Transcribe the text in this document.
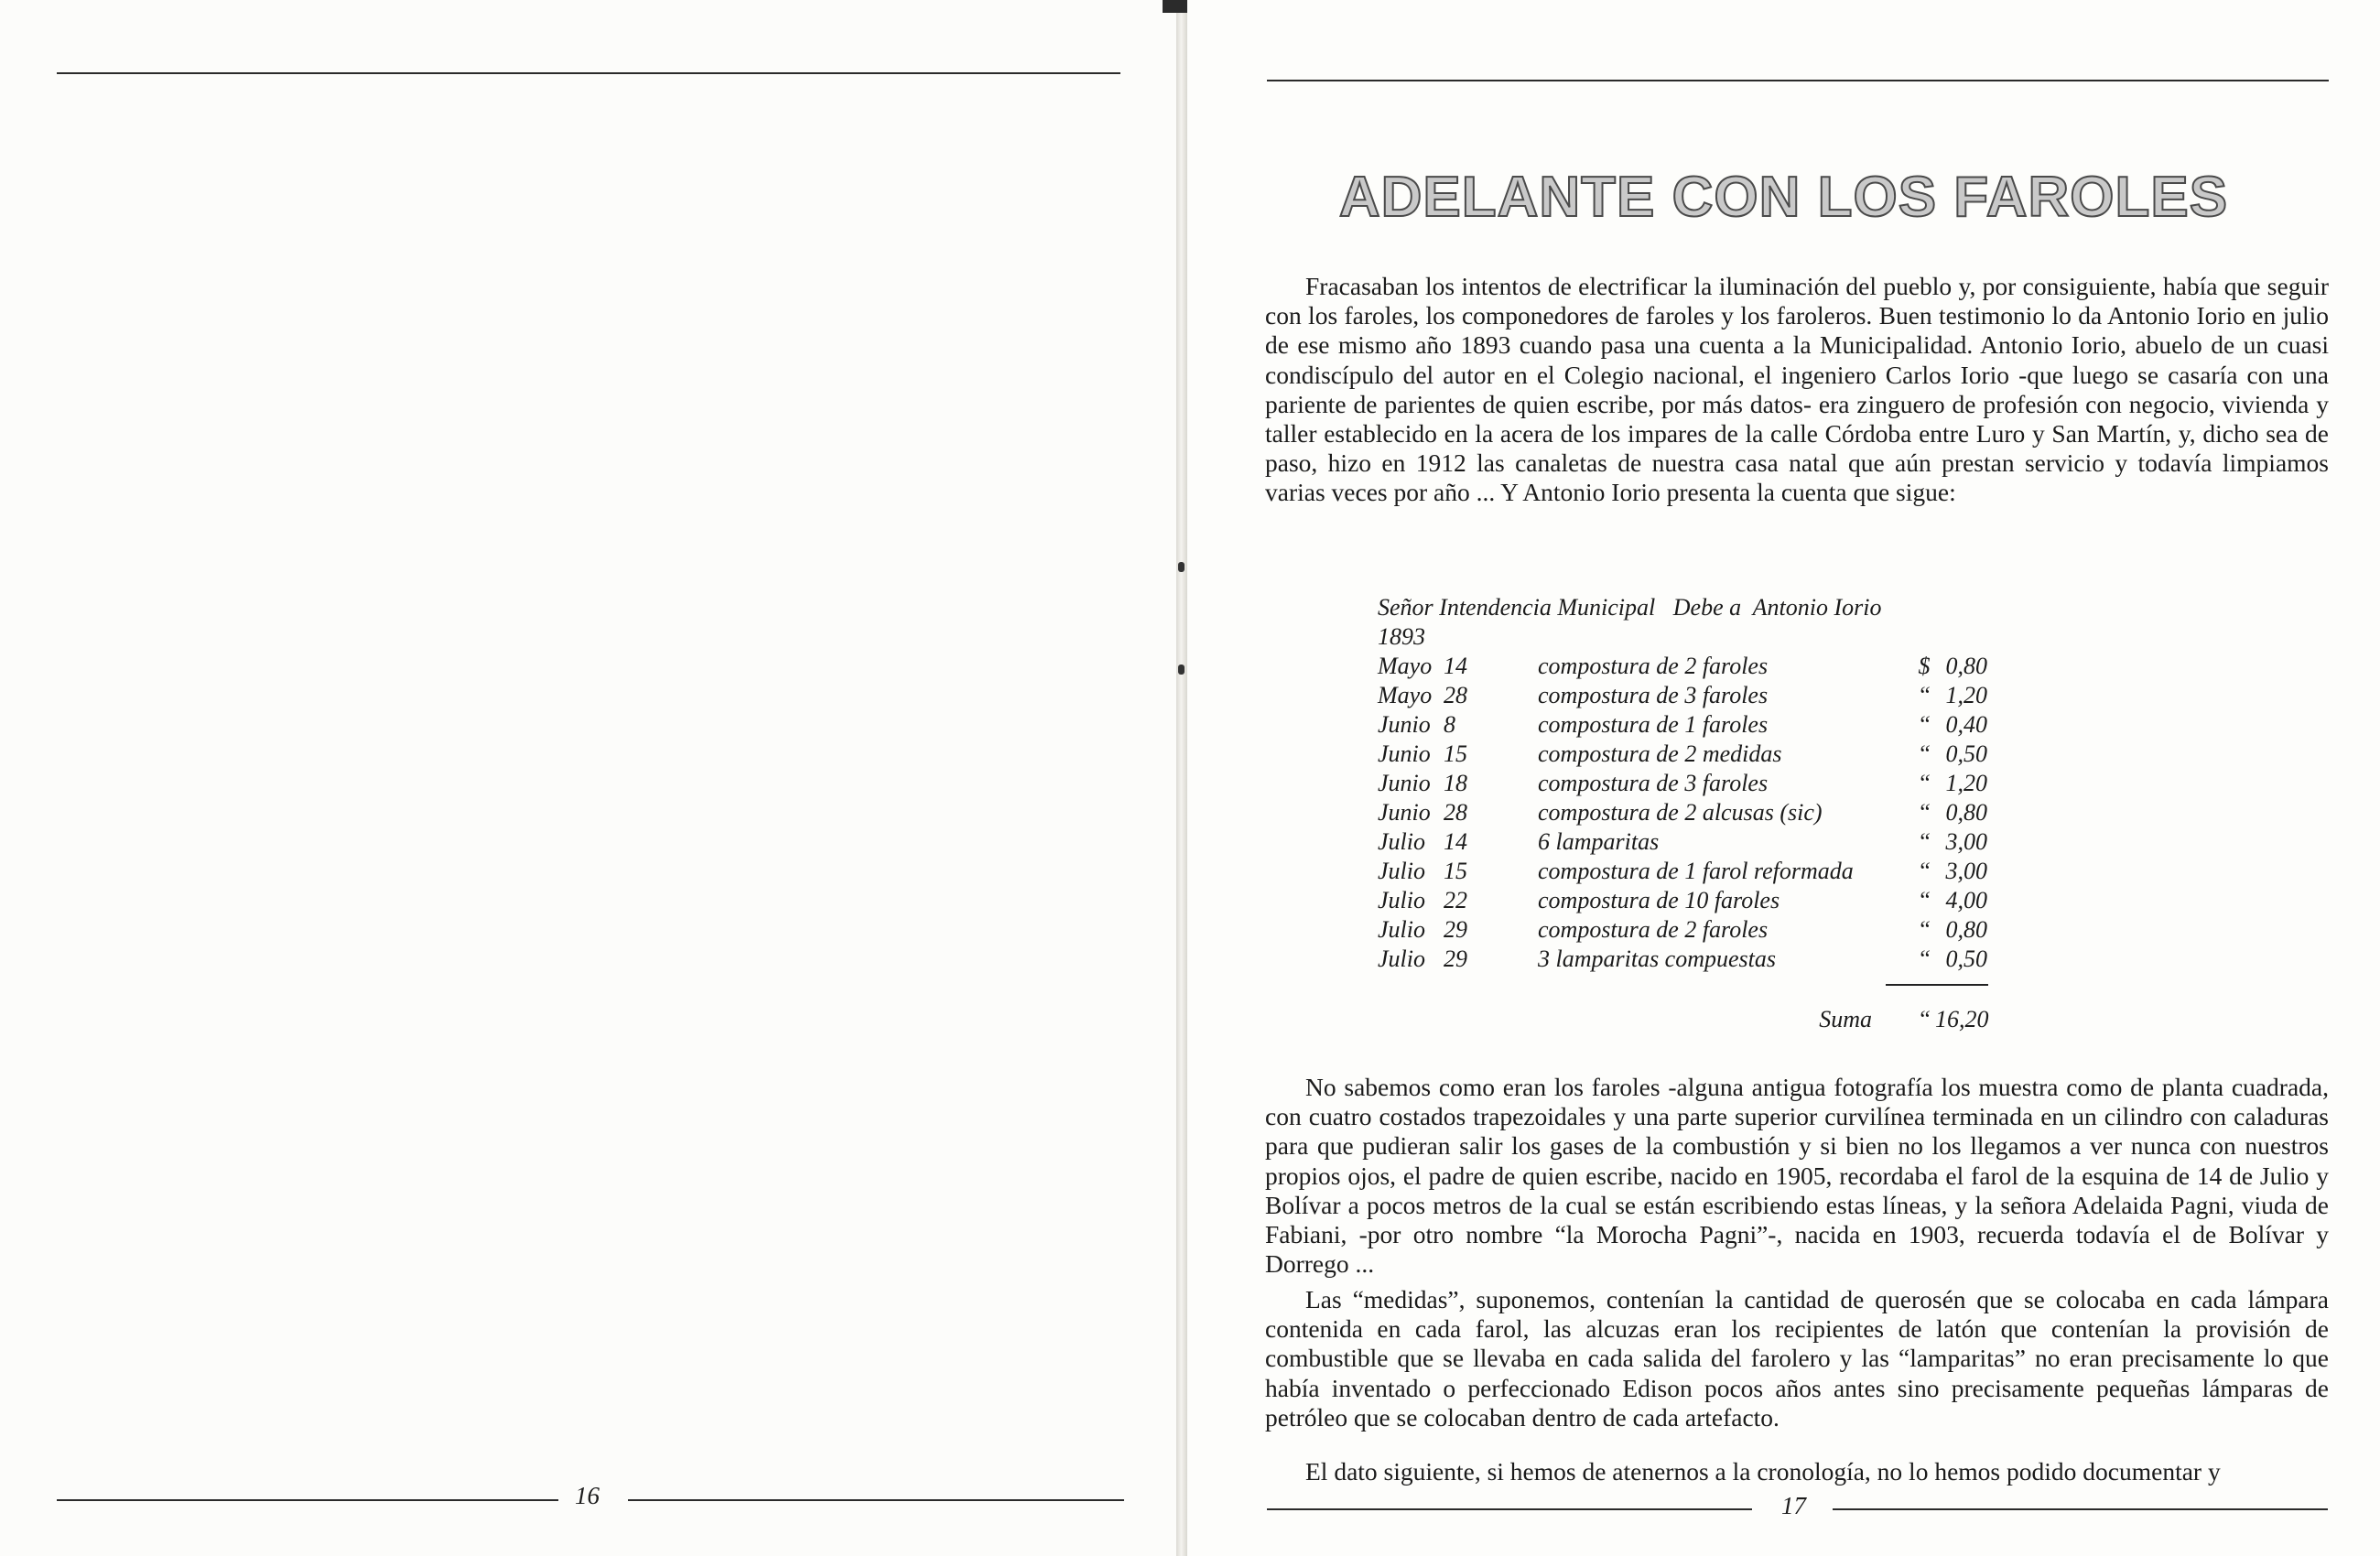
16
ADELANTE CON LOS FAROLES

Fracasaban los intentos de electrificar la iluminación del pueblo y, por consiguiente, había que seguir con los faroles, los componedores de faroles y los faroleros. Buen testimonio lo da Antonio Iorio en julio de ese mismo año 1893 cuando pasa una cuenta a la Municipalidad. Antonio Iorio, abuelo de un cuasi condiscípulo del autor en el Colegio nacional, el ingeniero Carlos Iorio -que luego se casaría con una pariente de parientes de quien escribe, por más datos- era zinguero de profesión con negocio, vivienda y taller establecido en la acera de los impares de la calle Córdoba entre Luro y San Martín, y, dicho sea de paso, hizo en 1912 las canaletas de nuestra casa natal que aún prestan servicio y todavía limpiamos varias veces por año ... Y Antonio Iorio presenta la cuenta que sigue:

Señor Intendencia Municipal   Debe a  Antonio Iorio
1893
Mayo 14	compostura de 2 faroles	$ 0,80
Mayo 28	compostura de 3 faroles	“ 1,20
Junio 8	compostura de 1 faroles	“ 0,40
Junio 15	compostura de 2 medidas	“ 0,50
Junio 18	compostura de 3 faroles	“ 1,20
Junio 28	compostura de 2 alcusas (sic)	“ 0,80
Julio 14	6 lamparitas	“ 3,00
Julio 15	compostura de 1 farol reformada	“ 3,00
Julio 22	compostura de 10 faroles	“ 4,00
Julio 29	compostura de 2 faroles	“ 0,80
Julio 29	3 lamparitas compuestas	“ 0,50
Suma “ 16,20

No sabemos como eran los faroles -alguna antigua fotografía los muestra como de planta cuadrada, con cuatro costados trapezoidales y una parte superior curvilínea terminada en un cilindro con caladuras para que pudieran salir los gases de la combustión y si bien no los llegamos a ver nunca con nuestros propios ojos, el padre de quien escribe, nacido en 1905, recordaba el farol de la esquina de 14 de Julio y Bolívar a pocos metros de la cual se están escribiendo estas líneas, y la señora Adelaida Pagni, viuda de Fabiani, -por otro nombre “la Morocha Pagni”-, nacida en 1903, recuerda todavía el de Bolívar y Dorrego ...

Las “medidas”, suponemos, contenían la cantidad de querosén que se colocaba en cada lámpara contenida en cada farol, las alcuzas eran los recipientes de latón que contenían la provisión de combustible que se llevaba en cada salida del farolero y las “lamparitas” no eran precisamente lo que había inventado o perfeccionado Edison pocos años antes sino precisamente pequeñas lámparas de petróleo que se colocaban dentro de cada artefacto.

El dato siguiente, si hemos de atenernos a la cronología, no lo hemos podido documentar y

17
